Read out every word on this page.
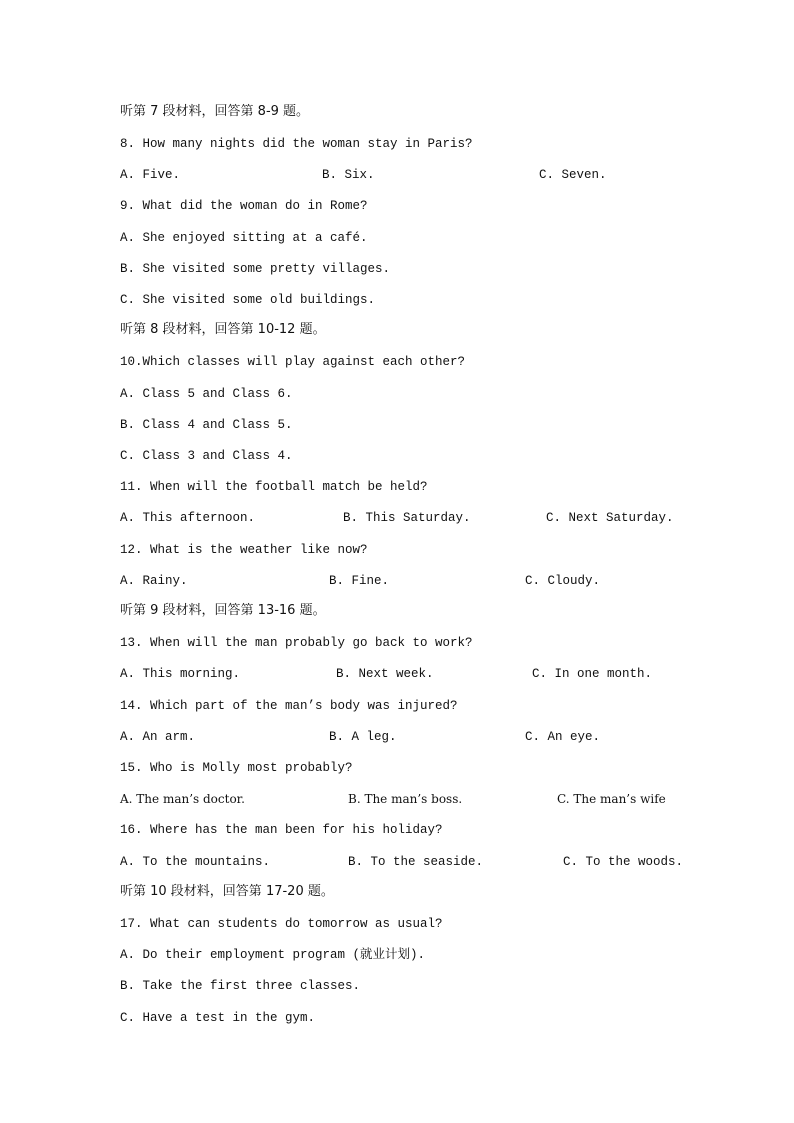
听第 7 段材料，回答第 8-9 题。
8. How many nights did the woman stay in Paris?
A. Five.	B. Six.	C. Seven.
9. What did the woman do in Rome?
A. She enjoyed sitting at a café.
B. She visited some pretty villages.
C. She visited some old buildings.
听第 8 段材料，回答第 10-12 题。
10.Which classes will play against each other?
A. Class 5 and Class 6.
B. Class 4 and Class 5.
C. Class 3 and Class 4.
11. When will the football match be held?
A. This afternoon.	B. This Saturday.	C. Next Saturday.
12. What is the weather like now?
A. Rainy.	B. Fine.	C. Cloudy.
听第 9 段材料，回答第 13-16 题。
13. When will the man probably go back to work?
A. This morning.	B. Next week.	C. In one month.
14. Which part of the man’s body was injured?
A. An arm.	B. A leg.	C. An eye.
15. Who is Molly most probably?
A. The man’s doctor.	B. The man’s boss.	C. The man’s wife
16. Where has the man been for his holiday?
A. To the mountains.	B. To the seaside.	C. To the woods.
听第 10 段材料，回答第 17-20 题。
17. What can students do tomorrow as usual?
A. Do their employment program (就业计划).
B. Take the first three classes.
C. Have a test in the gym.
